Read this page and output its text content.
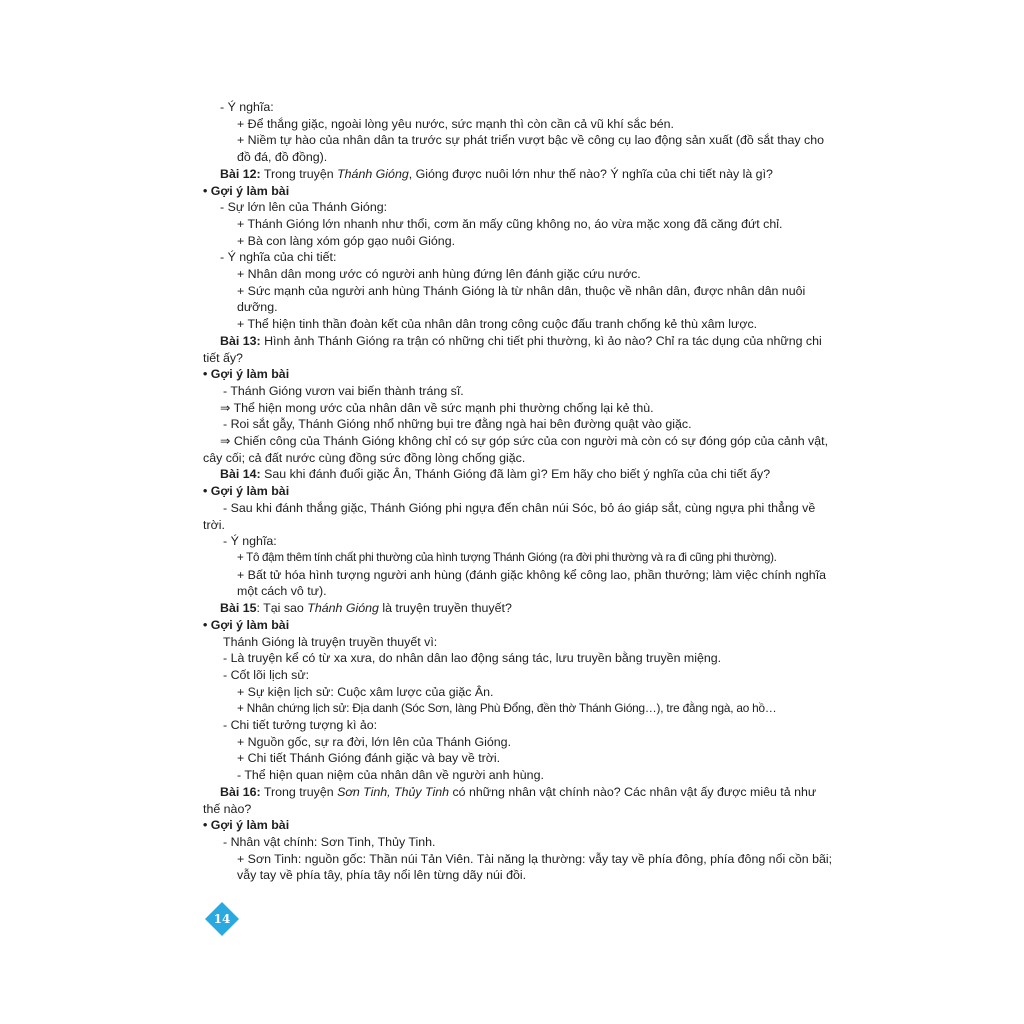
- Ý nghĩa:
+ Để thắng giặc, ngoài lòng yêu nước, sức mạnh thì còn cần cả vũ khí sắc bén.
+ Niềm tự hào của nhân dân ta trước sự phát triển vượt bậc về công cụ lao động sản xuất (đồ sắt thay cho đồ đá, đồ đồng).
Bài 12: Trong truyện Thánh Gióng, Gióng được nuôi lớn như thế nào? Ý nghĩa của chi tiết này là gì?
• Gợi ý làm bài
- Sự lớn lên của Thánh Gióng:
+ Thánh Gióng lớn nhanh như thổi, cơm ăn mấy cũng không no, áo vừa mặc xong đã căng đứt chỉ.
+ Bà con làng xóm góp gạo nuôi Gióng.
- Ý nghĩa của chi tiết:
+ Nhân dân mong ước có người anh hùng đứng lên đánh giặc cứu nước.
+ Sức mạnh của người anh hùng Thánh Gióng là từ nhân dân, thuộc về nhân dân, được nhân dân nuôi dưỡng.
+ Thể hiện tinh thần đoàn kết của nhân dân trong công cuộc đấu tranh chống kẻ thù xâm lược.
Bài 13: Hình ảnh Thánh Gióng ra trận có những chi tiết phi thường, kì ảo nào? Chỉ ra tác dụng của những chi tiết ấy?
• Gợi ý làm bài
- Thánh Gióng vươn vai biến thành tráng sĩ.
⇒ Thể hiện mong ước của nhân dân về sức mạnh phi thường chống lại kẻ thù.
- Roi sắt gẫy, Thánh Gióng nhổ những bụi tre đằng ngà hai bên đường quật vào giặc.
⇒ Chiến công của Thánh Gióng không chỉ có sự góp sức của con người mà còn có sự đóng góp của cảnh vật, cây cối; cả đất nước cùng đồng sức đồng lòng chống giặc.
Bài 14: Sau khi đánh đuổi giặc Ân, Thánh Gióng đã làm gì? Em hãy cho biết ý nghĩa của chi tiết ấy?
• Gợi ý làm bài
- Sau khi đánh thắng giặc, Thánh Gióng phi ngựa đến chân núi Sóc, bỏ áo giáp sắt, cùng ngựa phi thẳng về trời.
- Ý nghĩa:
+ Tô đậm thêm tính chất phi thường của hình tượng Thánh Gióng (ra đời phi thường và ra đi cũng phi thường).
+ Bất tử hóa hình tượng người anh hùng (đánh giặc không kể công lao, phần thưởng; làm việc chính nghĩa một cách vô tư).
Bài 15: Tại sao Thánh Gióng là truyện truyền thuyết?
• Gợi ý làm bài
Thánh Gióng là truyện truyền thuyết vì:
- Là truyện kể có từ xa xưa, do nhân dân lao động sáng tác, lưu truyền bằng truyền miệng.
- Cốt lõi lịch sử:
+ Sự kiện lịch sử: Cuộc xâm lược của giặc Ân.
+ Nhân chứng lịch sử: Địa danh (Sóc Sơn, làng Phù Đổng, đền thờ Thánh Gióng…), tre đằng ngà, ao hồ…
- Chi tiết tưởng tượng kì ảo:
+ Nguồn gốc, sự ra đời, lớn lên của Thánh Gióng.
+ Chi tiết Thánh Gióng đánh giặc và bay về trời.
- Thể hiện quan niệm của nhân dân về người anh hùng.
Bài 16: Trong truyện Sơn Tinh, Thủy Tinh có những nhân vật chính nào? Các nhân vật ấy được miêu tả như thế nào?
• Gợi ý làm bài
- Nhân vật chính: Sơn Tinh, Thủy Tinh.
+ Sơn Tinh: nguồn gốc: Thần núi Tản Viên. Tài năng lạ thường: vẫy tay về phía đông, phía đông nổi cồn bãi; vẫy tay về phía tây, phía tây nổi lên từng dãy núi đồi.
14
